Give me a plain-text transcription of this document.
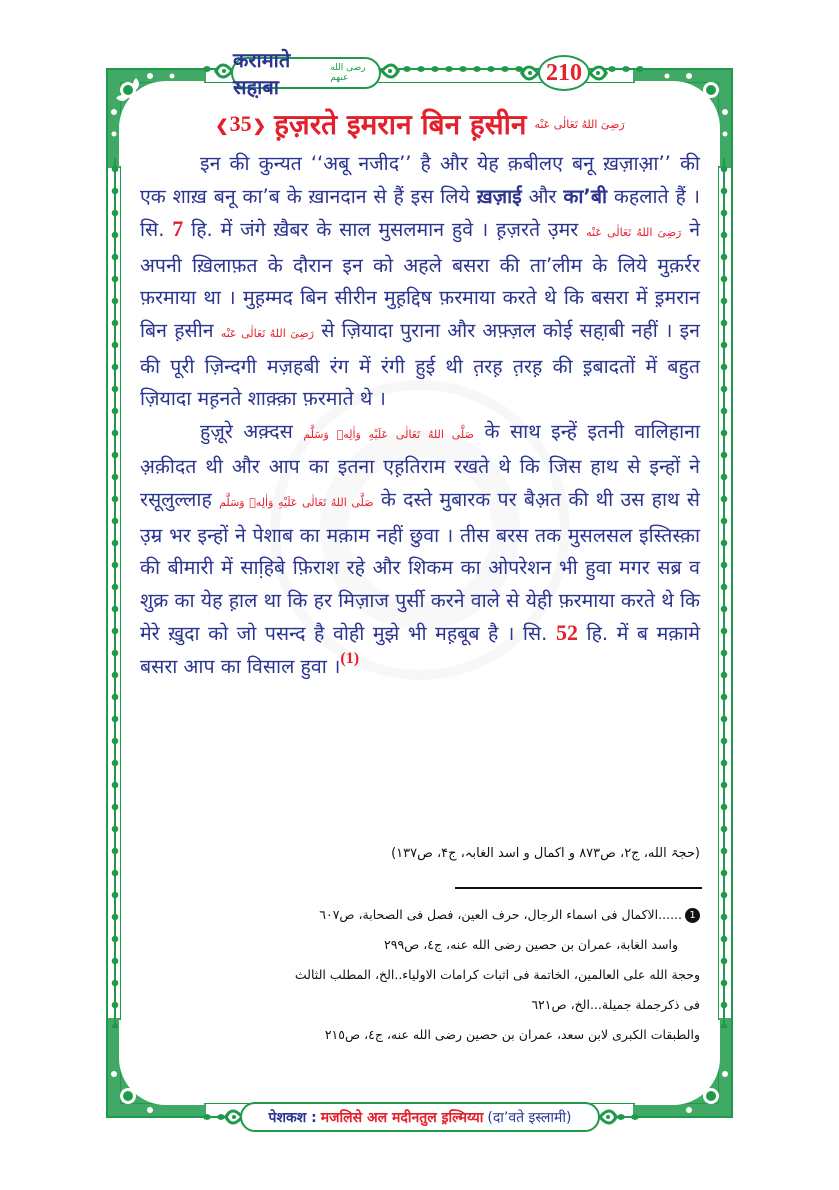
करामाते सहा़बा
رضی الله عنهم	210
❮ 35 ❯ ह़ज़रते इमरान बिन ह़सीन رَضِیَ اللهُ تَعَالٰی عَنْه

इन की कुन्यत ‘‘अबू नजीद’’ है और येह क़बीलए बनू ख़ज़ाआ़’’ की एक शाख़ बनू का’ब के ख़ानदान से हैं इस लिये ख़ज़ाई और का’बी कहलाते हैं । सि. 7 हि. में जंगे ख़ैबर के साल मुसलमान हुवे । ह़ज़रते उ़मर رَضِیَ اللهُ تَعَالٰی عَنْه ने अपनी ख़िलाफ़त के दौरान इन को अहले बसरा की ता’लीम के लिये मुक़र्रर फ़रमाया था । मुह़म्मद बिन सीरीन मुह़द्दिष फ़रमाया करते थे कि बसरा में इ़मरान बिन ह़सीन رَضِیَ اللهُ تَعَالٰی عَنْه से ज़ियादा पुराना और अफ़्ज़ल कोई सहा़बी नहीं । इन की पूरी ज़िन्दगी मज़हबी रंग में रंगी हुई थी त़रह़ त़रह़ की इ़बादतों में बहुत ज़ियादा मह़नते शाक़्क़ा फ़रमाते थे ।

हुज़ूरे अक़्दस صَلَّى اللهُ تَعَالٰی عَلَيْهِ وَاٰلِهٖ وَسَلَّم के साथ इन्हें इतनी वालिहाना अ़क़ीदत थी और आप का इतना एह़तिराम रखते थे कि जिस हाथ से इन्हों ने रसूलुल्लाह صَلَّى اللهُ تَعَالٰی عَلَيْهِ وَاٰلِهٖ وَسَلَّم के दस्ते मुबारक पर बैअ़त की थी उस हाथ से उ़म्र भर इन्हों ने पेशाब का मक़ाम नहीं छुवा । तीस बरस तक मुसलसल इस्तिस्क़ा की बीमारी में साहि़बे फ़िराश रहे और शिकम का ओपरेशन भी हुवा मगर सब्र व शुक्र का येह ह़ाल था कि हर मिज़ाज पुर्सी करने वाले से येही फ़रमाया करते थे कि मेरे ख़ुदा को जो पसन्द है वोही मुझे भी मह़बूब है । सि. 52 हि. में ब मक़ामे बसरा आप का विसाल हुवा ।$^{(1)}$

(حجۃ الله، ج۲، ص۸۷۳ و اکمال و اسد الغابہ، ج۴، ص۱۳۷)
1......الاکمال فی اسماء الرجال، حرف العين، فصل فی الصحابة، ص٦٠٧
واسد الغابة، عمران بن حصين رضی الله عنه، ج٤، ص٢٩٩
وحجة الله على العالمين، الخاتمة فی اثبات كرامات الاولياء..الخ، المطلب الثالث
فی ذكرجملة جميلة...الخ، ص٦٢١
والطبقات الكبرى لابن سعد، عمران بن حصين رضی الله عنه، ج٤، ص٢١٥
पेशकश : मजलिसे अल मदीनतुल इ़ल्मिय्या (दा’वते इस्लामी)
